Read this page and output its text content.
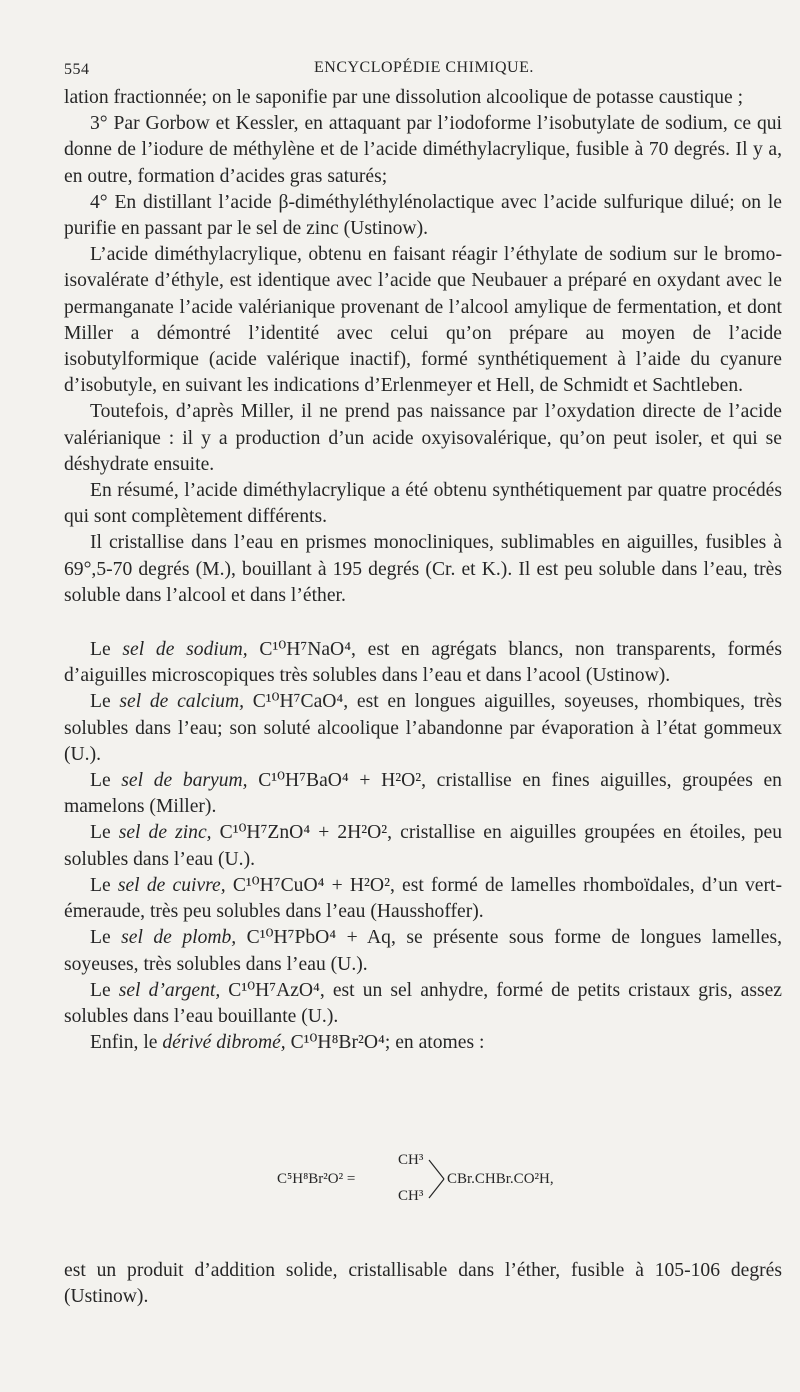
554	ENCYCLOPÉDIE CHIMIQUE.

lation fractionnée; on le saponifie par une dissolution alcoolique de potasse caustique ;

3° Par Gorbow et Kessler, en attaquant par l’iodoforme l’isobutylate de sodium, ce qui donne de l’iodure de méthylène et de l’acide diméthylacrylique, fusible à 70 degrés. Il y a, en outre, formation d’acides gras saturés;

4° En distillant l’acide β-diméthyléthylénolactique avec l’acide sulfurique dilué; on le purifie en passant par le sel de zinc (Ustinow).

L’acide diméthylacrylique, obtenu en faisant réagir l’éthylate de sodium sur le bromo-isovalérate d’éthyle, est identique avec l’acide que Neubauer a préparé en oxydant avec le permanganate l’acide valérianique provenant de l’alcool amylique de fermentation, et dont Miller a démontré l’identité avec celui qu’on prépare au moyen de l’acide isobutylformique (acide valérique inactif), formé synthétiquement à l’aide du cyanure d’isobutyle, en suivant les indications d’Erlenmeyer et Hell, de Schmidt et Sachtleben.

Toutefois, d’après Miller, il ne prend pas naissance par l’oxydation directe de l’acide valérianique : il y a production d’un acide oxyisovalérique, qu’on peut isoler, et qui se déshydrate ensuite.

En résumé, l’acide diméthylacrylique a été obtenu synthétiquement par quatre procédés qui sont complètement différents.

Il cristallise dans l’eau en prismes monocliniques, sublimables en aiguilles, fusibles à 69°,5-70 degrés (M.), bouillant à 195 degrés (Cr. et K.). Il est peu soluble dans l’eau, très soluble dans l’alcool et dans l’éther.

Le sel de sodium, C¹⁰H⁷NaO⁴, est en agrégats blancs, non transparents, formés d’aiguilles microscopiques très solubles dans l’eau et dans l’acool (Ustinow).

Le sel de calcium, C¹⁰H⁷CaO⁴, est en longues aiguilles, soyeuses, rhombiques, très solubles dans l’eau; son soluté alcoolique l’abandonne par évaporation à l’état gommeux (U.).

Le sel de baryum, C¹⁰H⁷BaO⁴ + H²O², cristallise en fines aiguilles, groupées en mamelons (Miller).

Le sel de zinc, C¹⁰H⁷ZnO⁴ + 2H²O², cristallise en aiguilles groupées en étoiles, peu solubles dans l’eau (U.).

Le sel de cuivre, C¹⁰H⁷CuO⁴ + H²O², est formé de lamelles rhomboïdales, d’un vert-émeraude, très peu solubles dans l’eau (Hausshoffer).

Le sel de plomb, C¹⁰H⁷PbO⁴ + Aq, se présente sous forme de longues lamelles, soyeuses, très solubles dans l’eau (U.).

Le sel d’argent, C¹⁰H⁷AzO⁴, est un sel anhydre, formé de petits cristaux gris, assez solubles dans l’eau bouillante (U.).

Enfin, le dérivé dibromé, C¹⁰H⁸Br²O⁴; en atomes :

C⁵H⁸Br²O² =
CH³
CH³
CBr.CHBr.CO²H,

est un produit d’addition solide, cristallisable dans l’éther, fusible à 105-106 degrés (Ustinow).
